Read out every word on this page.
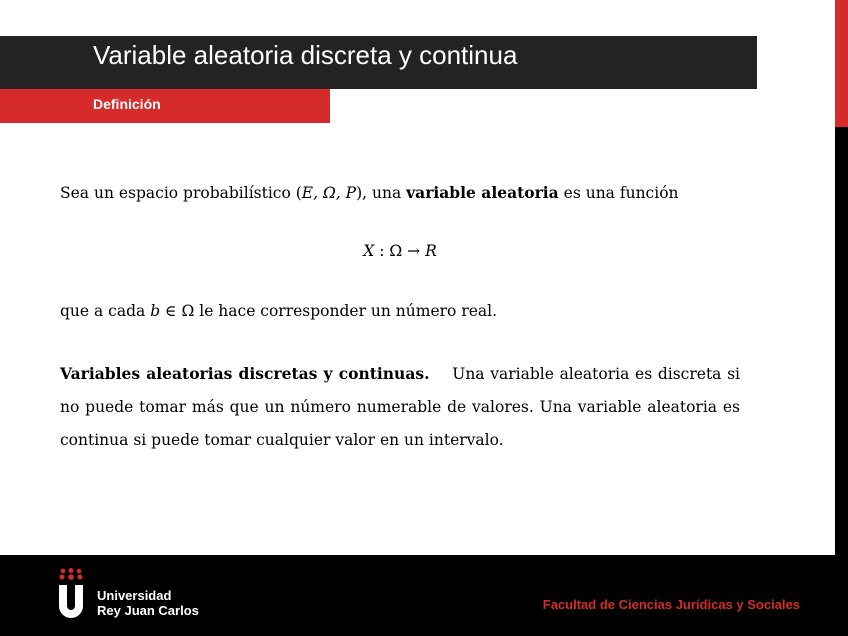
Variable aleatoria discreta y continua
Definición
Sea un espacio probabilístico (E, Ω, P), una variable aleatoria es una función
X : Ω → R
que a cada b ∈ Ω le hace corresponder un número real.
Variables aleatorias discretas y continuas. Una variable aleatoria es discreta si no puede tomar más que un número numerable de valores. Una variable aleatoria es continua si puede tomar cualquier valor en un intervalo.
Universidad
Rey Juan Carlos	Facultad de Ciencias Jurídicas y Sociales
